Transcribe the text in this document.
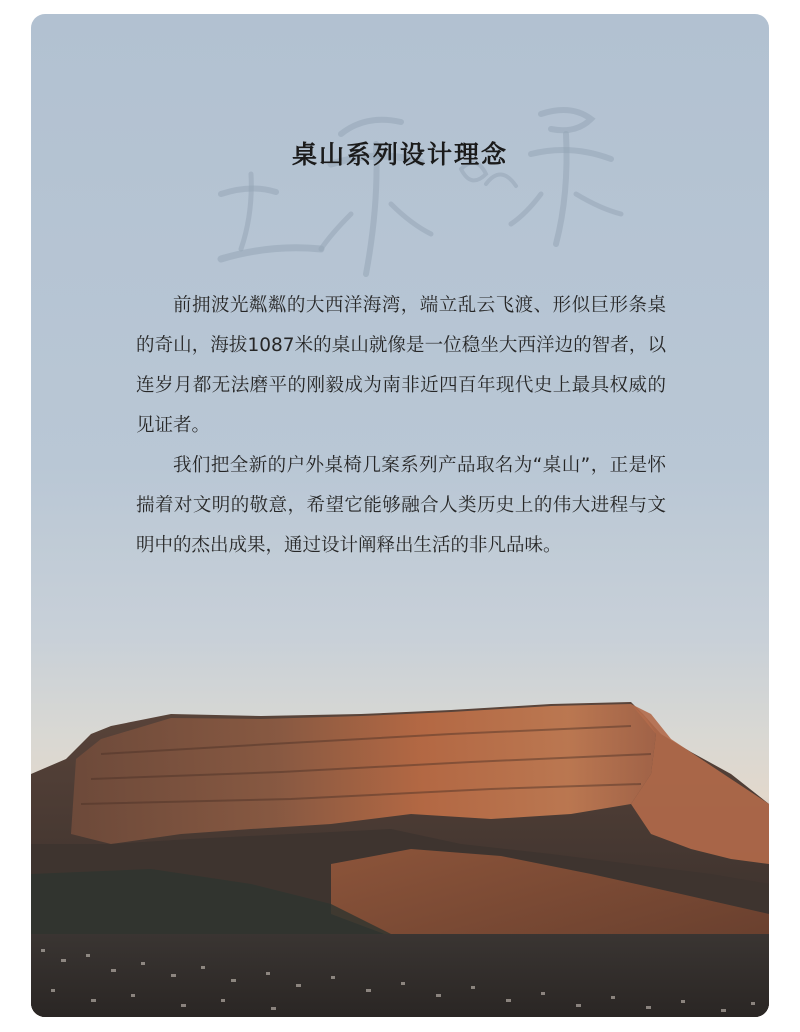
桌山系列设计理念

前拥波光粼粼的大西洋海湾，端立乱云飞渡、形似巨形条桌的奇山，海拔1087米的桌山就像是一位稳坐大西洋边的智者，以连岁月都无法磨平的刚毅成为南非近四百年现代史上最具权威的见证者。

我们把全新的户外桌椅几案系列产品取名为“桌山”，正是怀揣着对文明的敬意，希望它能够融合人类历史上的伟大进程与文明中的杰出成果，通过设计阐释出生活的非凡品味。
